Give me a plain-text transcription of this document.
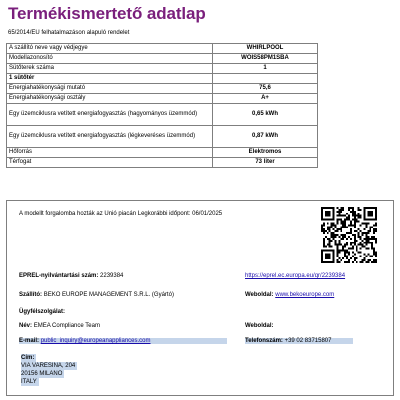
Termékismertető adatlap
65/2014/EU felhatalmazáson alapuló rendelet
A szállító neve vagy védjegye	WHIRLPOOL
Modellazonosító	WOIS58PM1SBA
Sütőterek száma	1
1 sütőtér	
Energiahatékonysági mutató	75,6
Energiahatékonysági osztály	A+
Egy üzemciklusra vetített energiafogyasztás (hagyományos üzemmód)	0,65 kWh
Egy üzemciklusra vetített energiafogyasztás (légkeveréses üzemmód)	0,87 kWh
Hőforrás	Elektromos
Térfogat	73 liter
A modellt forgalomba hozták az Unió piacán Legkorábbi időpont: 06/01/2025
EPREL-nyilvántartási szám: 2239384	https://eprel.ec.europa.eu/qr/2239384
Szállító: BEKO EUROPE MANAGEMENT S.R.L. (Gyártó)	Weboldal: www.bekoeurope.com
Ügyfélszolgálat:
Név: EMEA Compliance Team	Weboldal:
E-mail: public_inquiry@europeanappliances.com	Telefonszám: +39 02 83715807
Cím:
VIA VARESINA, 204
20156 MILANO
ITALY
